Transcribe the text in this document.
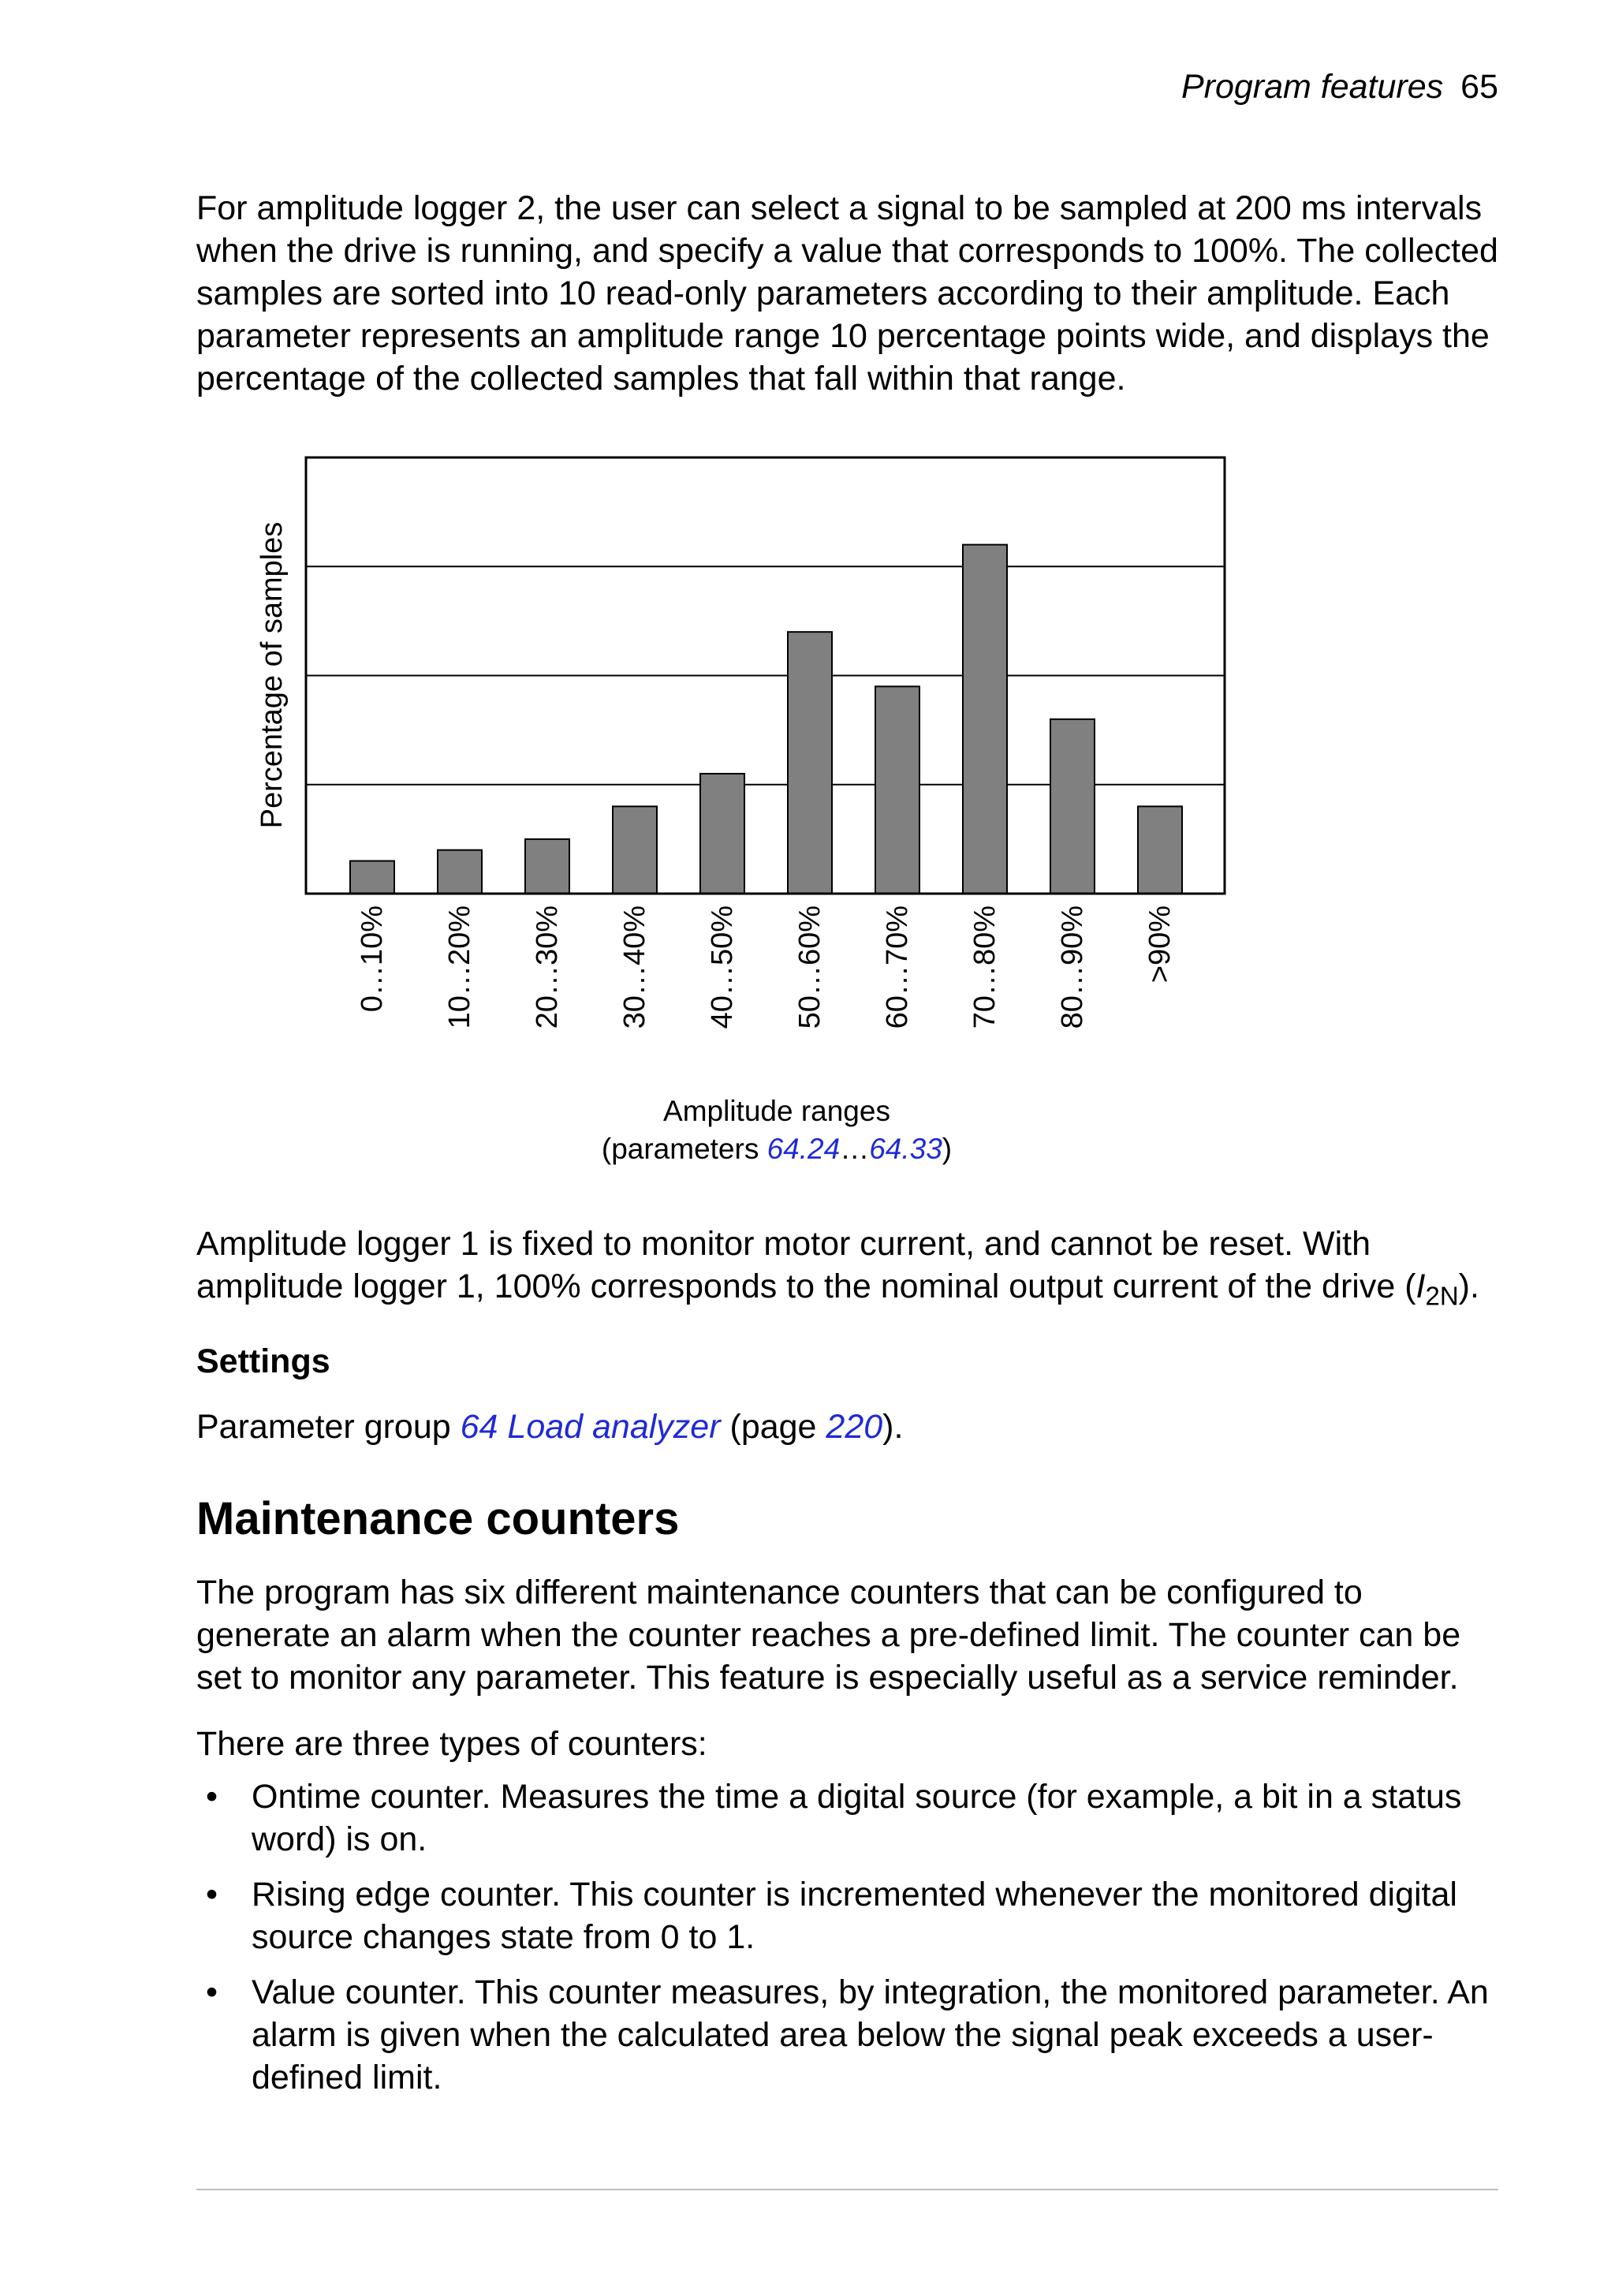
Program features 65

For amplitude logger 2, the user can select a signal to be sampled at 200 ms intervals when the drive is running, and specify a value that corresponds to 100%. The collected samples are sorted into 10 read-only parameters according to their amplitude. Each parameter represents an amplitude range 10 percentage points wide, and displays the percentage of the collected samples that fall within that range.

0…10% 10…20% 20…30% 30…40% 40…50% 50…60% 60…70% 70…80% 80…90% >90%
Percentage of samples
Amplitude ranges
(parameters 64.24…64.33)

Amplitude logger 1 is fixed to monitor motor current, and cannot be reset. With amplitude logger 1, 100% corresponds to the nominal output current of the drive $(I_{2N})$.

Settings

Parameter group 64 Load analyzer (page 220).

Maintenance counters

The program has six different maintenance counters that can be configured to generate an alarm when the counter reaches a pre-defined limit. The counter can be set to monitor any parameter. This feature is especially useful as a service reminder.

There are three types of counters:

• Ontime counter. Measures the time a digital source (for example, a bit in a status word) is on.
• Rising edge counter. This counter is incremented whenever the monitored digital source changes state from 0 to 1.
• Value counter. This counter measures, by integration, the monitored parameter. An alarm is given when the calculated area below the signal peak exceeds a user-defined limit.
